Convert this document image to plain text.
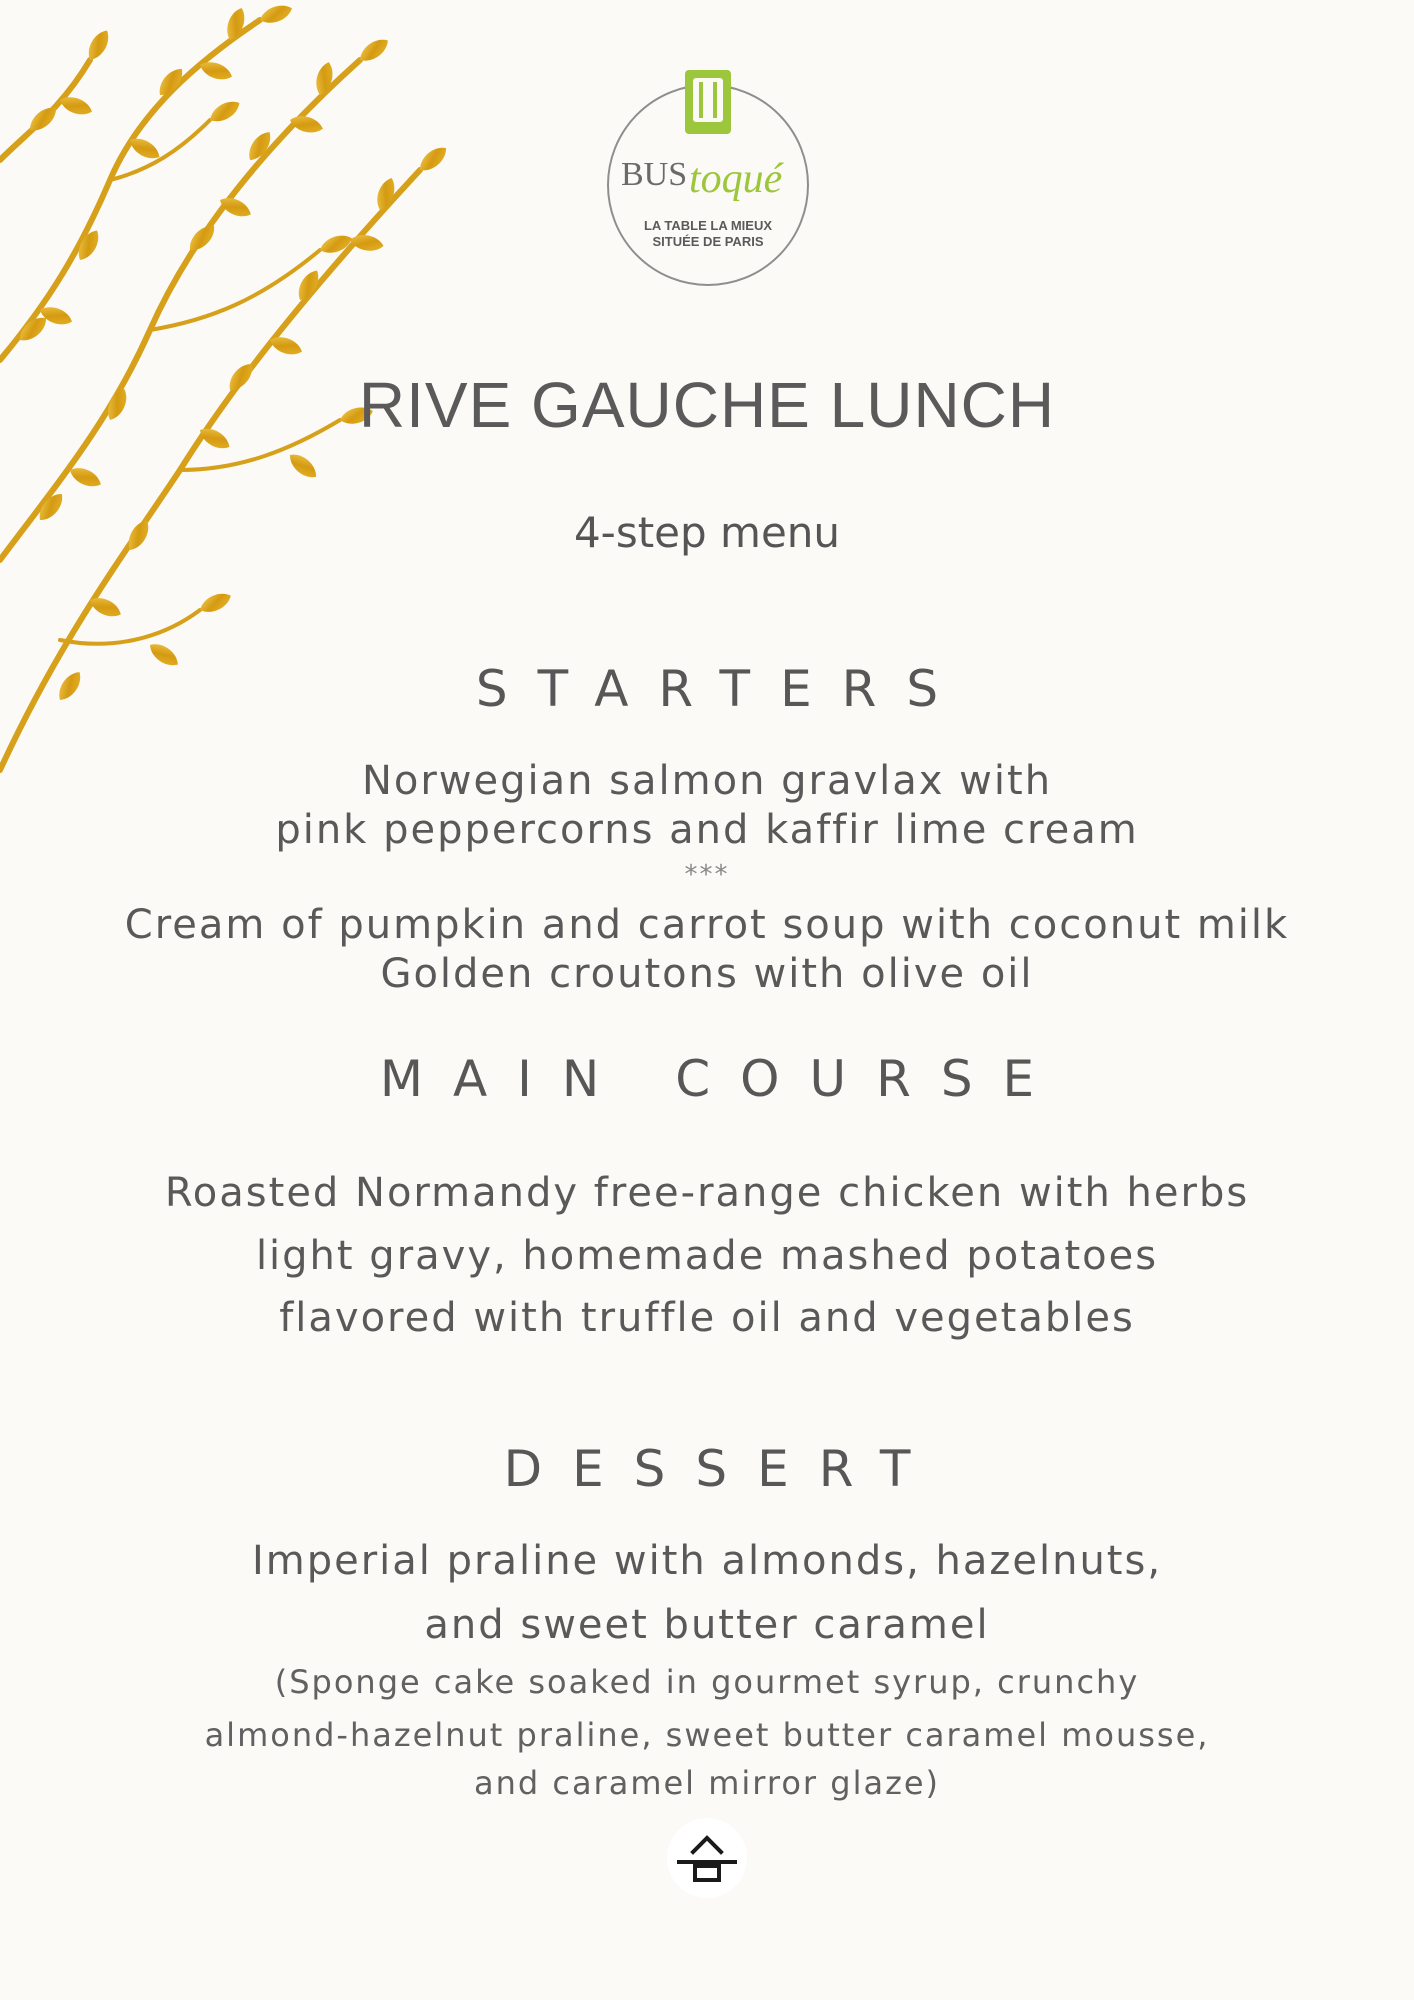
BUS toqué
LA TABLE LA MIEUX
SITUÉE DE PARIS
RIVE GAUCHE LUNCH
4-step menu
STARTERS
Norwegian salmon gravlax with
pink peppercorns and kaffir lime cream
***
Cream of pumpkin and carrot soup with coconut milk
Golden croutons with olive oil
MAIN COURSE
Roasted Normandy free-range chicken with herbs
light gravy, homemade mashed potatoes
flavored with truffle oil and vegetables
DESSERT
Imperial praline with almonds, hazelnuts,
and sweet butter caramel
(Sponge cake soaked in gourmet syrup, crunchy
almond-hazelnut praline, sweet butter caramel mousse,
and caramel mirror glaze)
